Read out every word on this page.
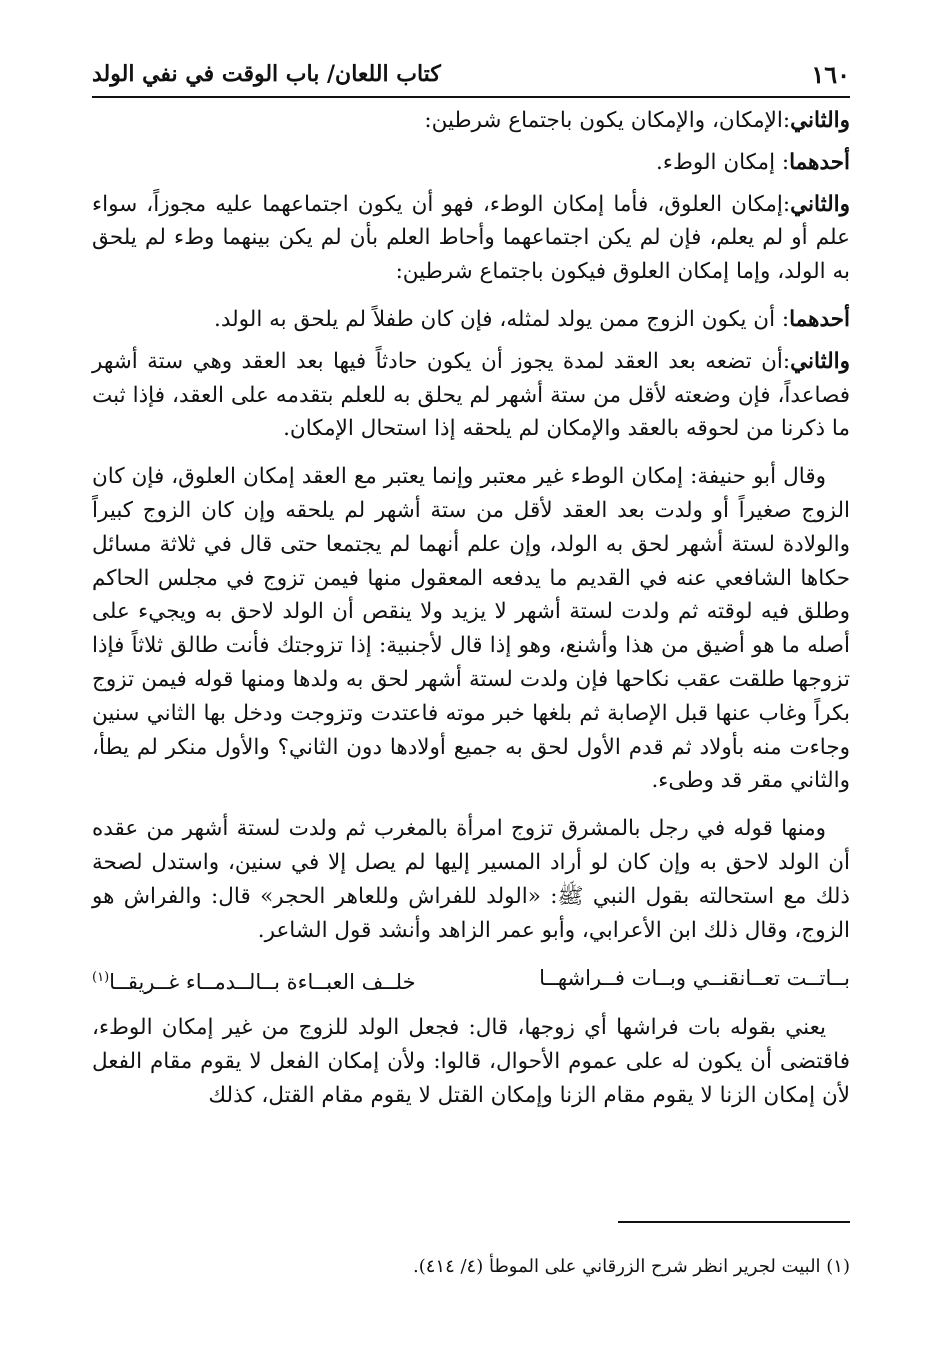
١٦٠
كتاب اللعان/ باب الوقت في نفي الولد

والثاني:الإمكان، والإمكان يكون باجتماع شرطين:

أحدهما: إمكان الوطء.

والثاني:إمكان العلوق، فأما إمكان الوطء، فهو أن يكون اجتماعهما عليه مجوزاً، سواء علم أو لم يعلم، فإن لم يكن اجتماعهما وأحاط العلم بأن لم يكن بينهما وطء لم يلحق به الولد، وإما إمكان العلوق فيكون باجتماع شرطين:

أحدهما: أن يكون الزوج ممن يولد لمثله، فإن كان طفلاً لم يلحق به الولد.

والثاني:أن تضعه بعد العقد لمدة يجوز أن يكون حادثاً فيها بعد العقد وهي ستة أشهر فصاعداً، فإن وضعته لأقل من ستة أشهر لم يحلق به للعلم بتقدمه على العقد، فإذا ثبت ما ذكرنا من لحوقه بالعقد والإمكان لم يلحقه إذا استحال الإمكان.

وقال أبو حنيفة: إمكان الوطء غير معتبر وإنما يعتبر مع العقد إمكان العلوق، فإن كان الزوج صغيراً أو ولدت بعد العقد لأقل من ستة أشهر لم يلحقه وإن كان الزوج كبيراً والولادة لستة أشهر لحق به الولد، وإن علم أنهما لم يجتمعا حتى قال في ثلاثة مسائل حكاها الشافعي عنه في القديم ما يدفعه المعقول منها فيمن تزوج في مجلس الحاكم وطلق فيه لوقته ثم ولدت لستة أشهر لا يزيد ولا ينقص أن الولد لاحق به ويجيء على أصله ما هو أضيق من هذا وأشنع، وهو إذا قال لأجنبية: إذا تزوجتك فأنت طالق ثلاثاً فإذا تزوجها طلقت عقب نكاحها فإن ولدت لستة أشهر لحق به ولدها ومنها قوله فيمن تزوج بكراً وغاب عنها قبل الإصابة ثم بلغها خبر موته فاعتدت وتزوجت ودخل بها الثاني سنين وجاءت منه بأولاد ثم قدم الأول لحق به جميع أولادها دون الثاني؟ والأول منكر لم يطأ، والثاني مقر قد وطىء.

ومنها قوله في رجل بالمشرق تزوج امرأة بالمغرب ثم ولدت لستة أشهر من عقده أن الولد لاحق به وإن كان لو أراد المسير إليها لم يصل إلا في سنين، واستدل لصحة ذلك مع استحالته بقول النبي ﷺ: «الولد للفراش وللعاهر الحجر» قال: والفراش هو الزوج، وقال ذلك ابن الأعرابي، وأبو عمر الزاهد وأنشد قول الشاعر.

بــاتــت تعــانقنــي وبــات فــراشهــا
خلــف العبــاءة بــالــدمــاء غــريقــا(١)

يعني بقوله بات فراشها أي زوجها، قال: فجعل الولد للزوج من غير إمكان الوطء، فاقتضى أن يكون له على عموم الأحوال، قالوا: ولأن إمكان الفعل لا يقوم مقام الفعل لأن إمكان الزنا لا يقوم مقام الزنا وإمكان القتل لا يقوم مقام القتل، كذلك

(١) البيت لجرير انظر شرح الزرقاني على الموطأ (٤/ ٤١٤).
